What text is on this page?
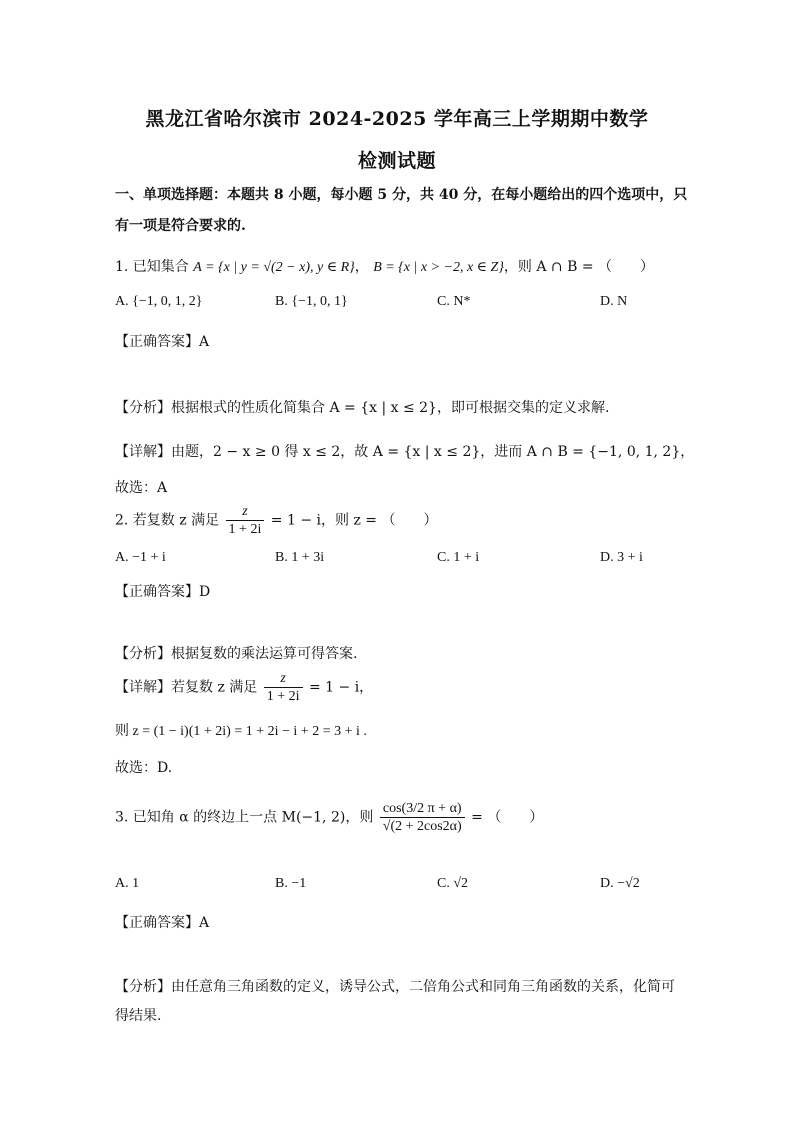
黑龙江省哈尔滨市 2024-2025 学年高三上学期期中数学
检测试题
一、单项选择题：本题共 8 小题，每小题 5 分，共 40 分，在每小题给出的四个选项中，只
有一项是符合要求的.
1. 已知集合 A = {x | y = √(2 − x), y ∈ R}， B = {x | x > −2, x ∈ Z}，则 A ∩ B = （　　）
A. {−1, 0, 1, 2}	B. {−1, 0, 1}	C. N*	D. N
【正确答案】A
【分析】根据根式的性质化简集合 A = {x | x ≤ 2}，即可根据交集的定义求解.
【详解】由题，2 − x ≥ 0 得 x ≤ 2，故 A = {x | x ≤ 2}，进而 A ∩ B = {−1, 0, 1, 2}，
故选：A
2. 若复数 z 满足 $\frac{z}{1 + 2i} = 1 - i$，则 z = （　　）
A. −1 + i	B. 1 + 3i	C. 1 + i	D. 3 + i
【正确答案】D
【分析】根据复数的乘法运算可得答案.
【详解】若复数 z 满足 $\frac{z}{1 + 2i} = 1 - i$，
则 z = (1 − i)(1 + 2i) = 1 + 2i − i + 2 = 3 + i .
故选：D.
3. 已知角 α 的终边上一点 M(−1, 2)，则 $\frac{\cos(3/2 \pi + \alpha)}{√(2 + 2\cos 2\alpha)}$ = （　　）
A. 1	B. −1	C. √2	D. −√2
【正确答案】A
【分析】由任意角三角函数的定义，诱导公式，二倍角公式和同角三角函数的关系，化简可
得结果.
